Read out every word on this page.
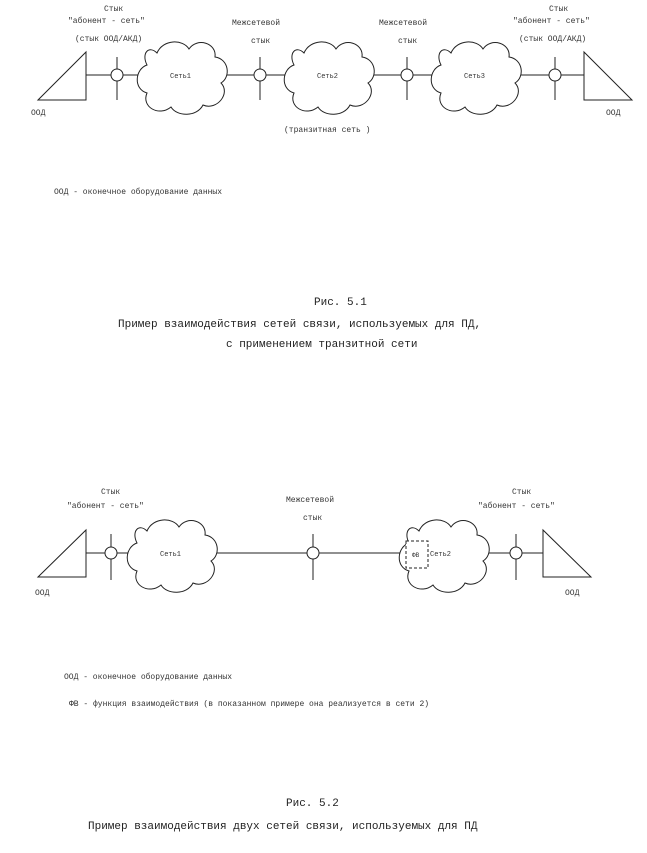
ООД	ООД
Сеть1	Сеть2	Сеть3
Стык
"абонент - сеть"
(стык ООД/АКД)
Межсетевой
стык
Межсетевой
стык
Стык
"абонент - сеть"
(стык ООД/АКД)
(транзитная сеть )
ООД - оконечное оборудование данных
Рис. 5.1
Пример взаимодействия сетей связи, используемых для ПД,
с применением транзитной сети
ООД	ООД
Сеть1	Сеть2
ФВ
Стык
"абонент - сеть"
Межсетевой
стык
Стык
"абонент - сеть"
ООД - оконечное оборудование данных
ФВ - функция взаимодействия (в показанном примере она реализуется в сети 2)
Рис. 5.2
Пример взаимодействия двух сетей связи, используемых для ПД
